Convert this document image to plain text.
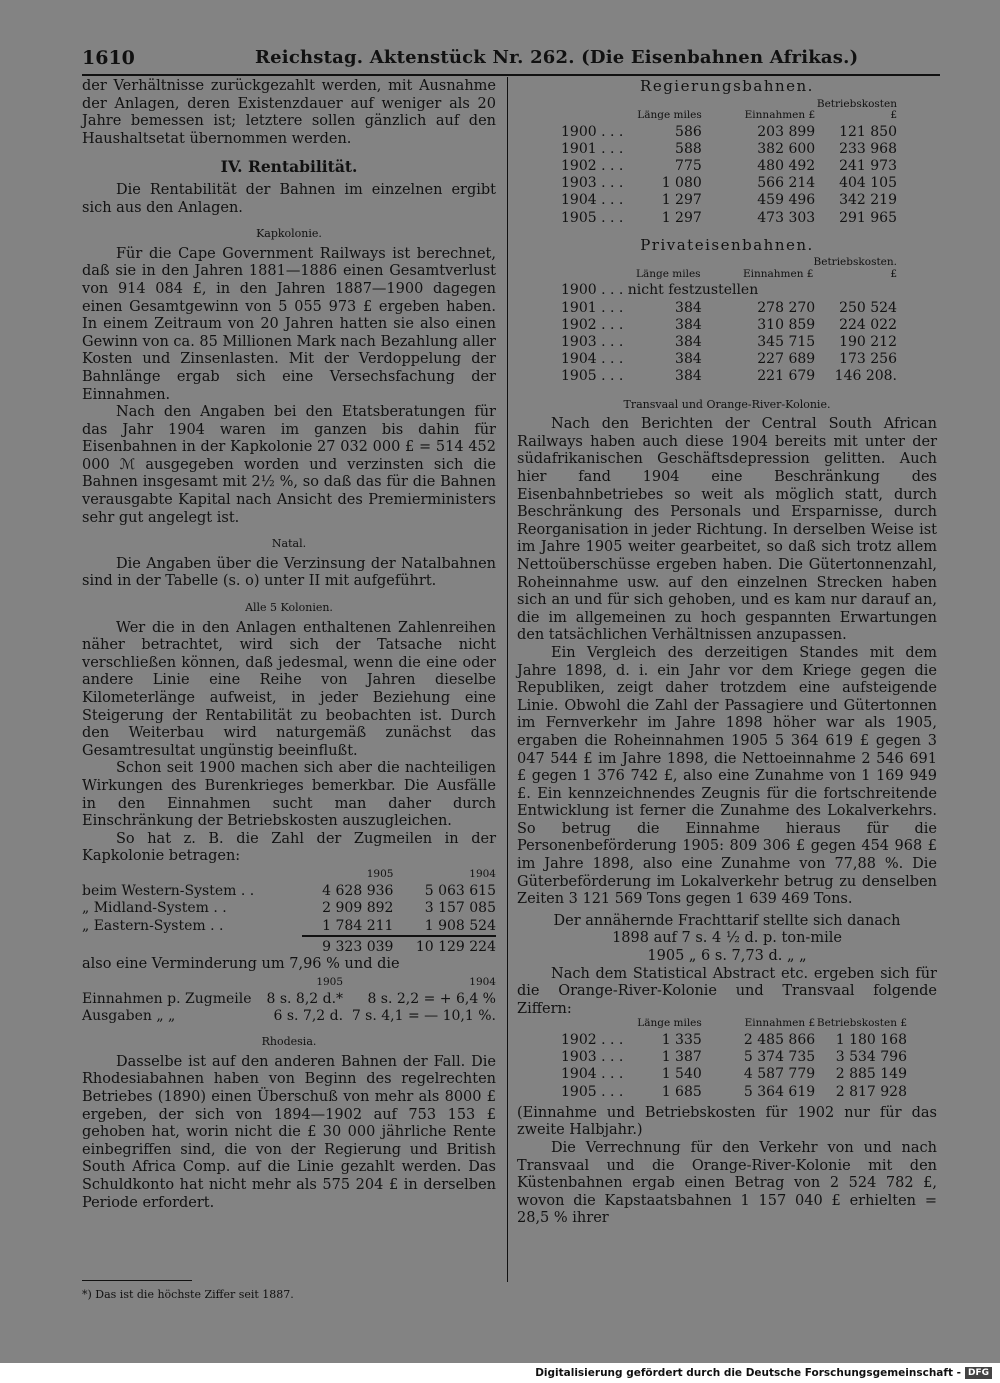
1610	Reichstag. Aktenstück Nr. 262. (Die Eisenbahnen Afrikas.)

der Verhältnisse zurückgezahlt werden, mit Ausnahme der Anlagen, deren Existenzdauer auf weniger als 20 Jahre bemessen ist; letztere sollen gänzlich auf den Haushaltsetat übernommen werden.

IV. Rentabilität.

Die Rentabilität der Bahnen im einzelnen ergibt sich aus den Anlagen.

Kapkolonie.

Für die Cape Government Railways ist berechnet, daß sie in den Jahren 1881—1886 einen Gesamtverlust von 914 084 £, in den Jahren 1887—1900 dagegen einen Gesamtgewinn von 5 055 973 £ ergeben haben. In einem Zeitraum von 20 Jahren hatten sie also einen Gewinn von ca. 85 Millionen Mark nach Bezahlung aller Kosten und Zinsenlasten. Mit der Verdoppelung der Bahnlänge ergab sich eine Versechsfachung der Einnahmen.

Nach den Angaben bei den Etatsberatungen für das Jahr 1904 waren im ganzen bis dahin für Eisenbahnen in der Kapkolonie 27 032 000 £ = 514 452 000 ℳ ausgegeben worden und verzinsten sich die Bahnen insgesamt mit 2½ %, so daß das für die Bahnen verausgabte Kapital nach Ansicht des Premierministers sehr gut angelegt ist.

Natal.

Die Angaben über die Verzinsung der Natalbahnen sind in der Tabelle (s. o) unter II mit aufgeführt.

Alle 5 Kolonien.

Wer die in den Anlagen enthaltenen Zahlenreihen näher betrachtet, wird sich der Tatsache nicht verschließen können, daß jedesmal, wenn die eine oder andere Linie eine Reihe von Jahren dieselbe Kilometerlänge aufweist, in jeder Beziehung eine Steigerung der Rentabilität zu beobachten ist. Durch den Weiterbau wird naturgemäß zunächst das Gesamtresultat ungünstig beeinflußt.

Schon seit 1900 machen sich aber die nachteiligen Wirkungen des Burenkrieges bemerkbar. Die Ausfälle in den Einnahmen sucht man daher durch Einschränkung der Betriebskosten auszugleichen.

So hat z. B. die Zahl der Zugmeilen in der Kapkolonie betragen:

	1905	1904
beim Western-System . .	4 628 936	5 063 615
„ Midland-System . .	2 909 892	3 157 085
„ Eastern-System . .	1 784 211	1 908 524
	9 323 039	10 129 224

also eine Verminderung um 7,96 % und die

	1905	1904
Einnahmen p. Zugmeile	8 s. 8,2 d.*	8 s. 2,2 = + 6,4 %
Ausgaben „ „	6 s. 7,2 d.	7 s. 4,1 = — 10,1 %.
Rhodesia.

Dasselbe ist auf den anderen Bahnen der Fall. Die Rhodesiabahnen haben von Beginn des regelrechten Betriebes (1890) einen Überschuß von mehr als 8000 £ ergeben, der sich von 1894—1902 auf 753 153 £ gehoben hat, worin nicht die £ 30 000 jährliche Rente einbegriffen sind, die von der Regierung und British South Africa Comp. auf die Linie gezahlt werden. Das Schuldkonto hat nicht mehr als 575 204 £ in derselben Periode erfordert.

*) Das ist die höchste Ziffer seit 1887.
Regierungsbahnen.
	Länge miles	Einnahmen £	Betriebskosten £
1900 . . .	586	203 899	121 850
1901 . . .	588	382 600	233 968
1902 . . .	775	480 492	241 973
1903 . . .	1 080	566 214	404 105
1904 . . .	1 297	459 496	342 219
1905 . . .	1 297	473 303	291 965
Privateisenbahnen.
	Länge miles	Einnahmen £	Betriebskosten. £
1900 . . . nicht festzustellen
1901 . . .	384	278 270	250 524
1902 . . .	384	310 859	224 022
1903 . . .	384	345 715	190 212
1904 . . .	384	227 689	173 256
1905 . . .	384	221 679	146 208.
Transvaal und Orange-River-Kolonie.

Nach den Berichten der Central South African Railways haben auch diese 1904 bereits mit unter der südafrikanischen Geschäftsdepression gelitten. Auch hier fand 1904 eine Beschränkung des Eisenbahnbetriebes so weit als möglich statt, durch Beschränkung des Personals und Ersparnisse, durch Reorganisation in jeder Richtung. In derselben Weise ist im Jahre 1905 weiter gearbeitet, so daß sich trotz allem Nettoüberschüsse ergeben haben. Die Gütertonnenzahl, Roheinnahme usw. auf den einzelnen Strecken haben sich an und für sich gehoben, und es kam nur darauf an, die im allgemeinen zu hoch gespannten Erwartungen den tatsächlichen Verhältnissen anzupassen.

Ein Vergleich des derzeitigen Standes mit dem Jahre 1898, d. i. ein Jahr vor dem Kriege gegen die Republiken, zeigt daher trotzdem eine aufsteigende Linie. Obwohl die Zahl der Passagiere und Gütertonnen im Fernverkehr im Jahre 1898 höher war als 1905, ergaben die Roheinnahmen 1905 5 364 619 £ gegen 3 047 544 £ im Jahre 1898, die Nettoeinnahme 2 546 691 £ gegen 1 376 742 £, also eine Zunahme von 1 169 949 £. Ein kennzeichnendes Zeugnis für die fortschreitende Entwicklung ist ferner die Zunahme des Lokalverkehrs. So betrug die Einnahme hieraus für die Personenbeförderung 1905: 809 306 £ gegen 454 968 £ im Jahre 1898, also eine Zunahme von 77,88 %. Die Güterbeförderung im Lokalverkehr betrug zu denselben Zeiten 3 121 569 Tons gegen 1 639 469 Tons.

Der annähernde Frachttarif stellte sich danach

1898 auf 7 s. 4 ½ d. p. ton-mile

1905 „ 6 s. 7,73 d. „ „

Nach dem Statistical Abstract etc. ergeben sich für die Orange-River-Kolonie und Transvaal folgende Ziffern:

	Länge miles	Einnahmen £	Betriebskosten £
1902 . . .	1 335	2 485 866	1 180 168
1903 . . .	1 387	5 374 735	3 534 796
1904 . . .	1 540	4 587 779	2 885 149
1905 . . .	1 685	5 364 619	2 817 928

(Einnahme und Betriebskosten für 1902 nur für das zweite Halbjahr.)

Die Verrechnung für den Verkehr von und nach Transvaal und die Orange-River-Kolonie mit den Küstenbahnen ergab einen Betrag von 2 524 782 £, wovon die Kapstaatsbahnen 1 157 040 £ erhielten = 28,5 % ihrer

Digitalisierung gefördert durch die Deutsche Forschungsgemeinschaft - DFG
